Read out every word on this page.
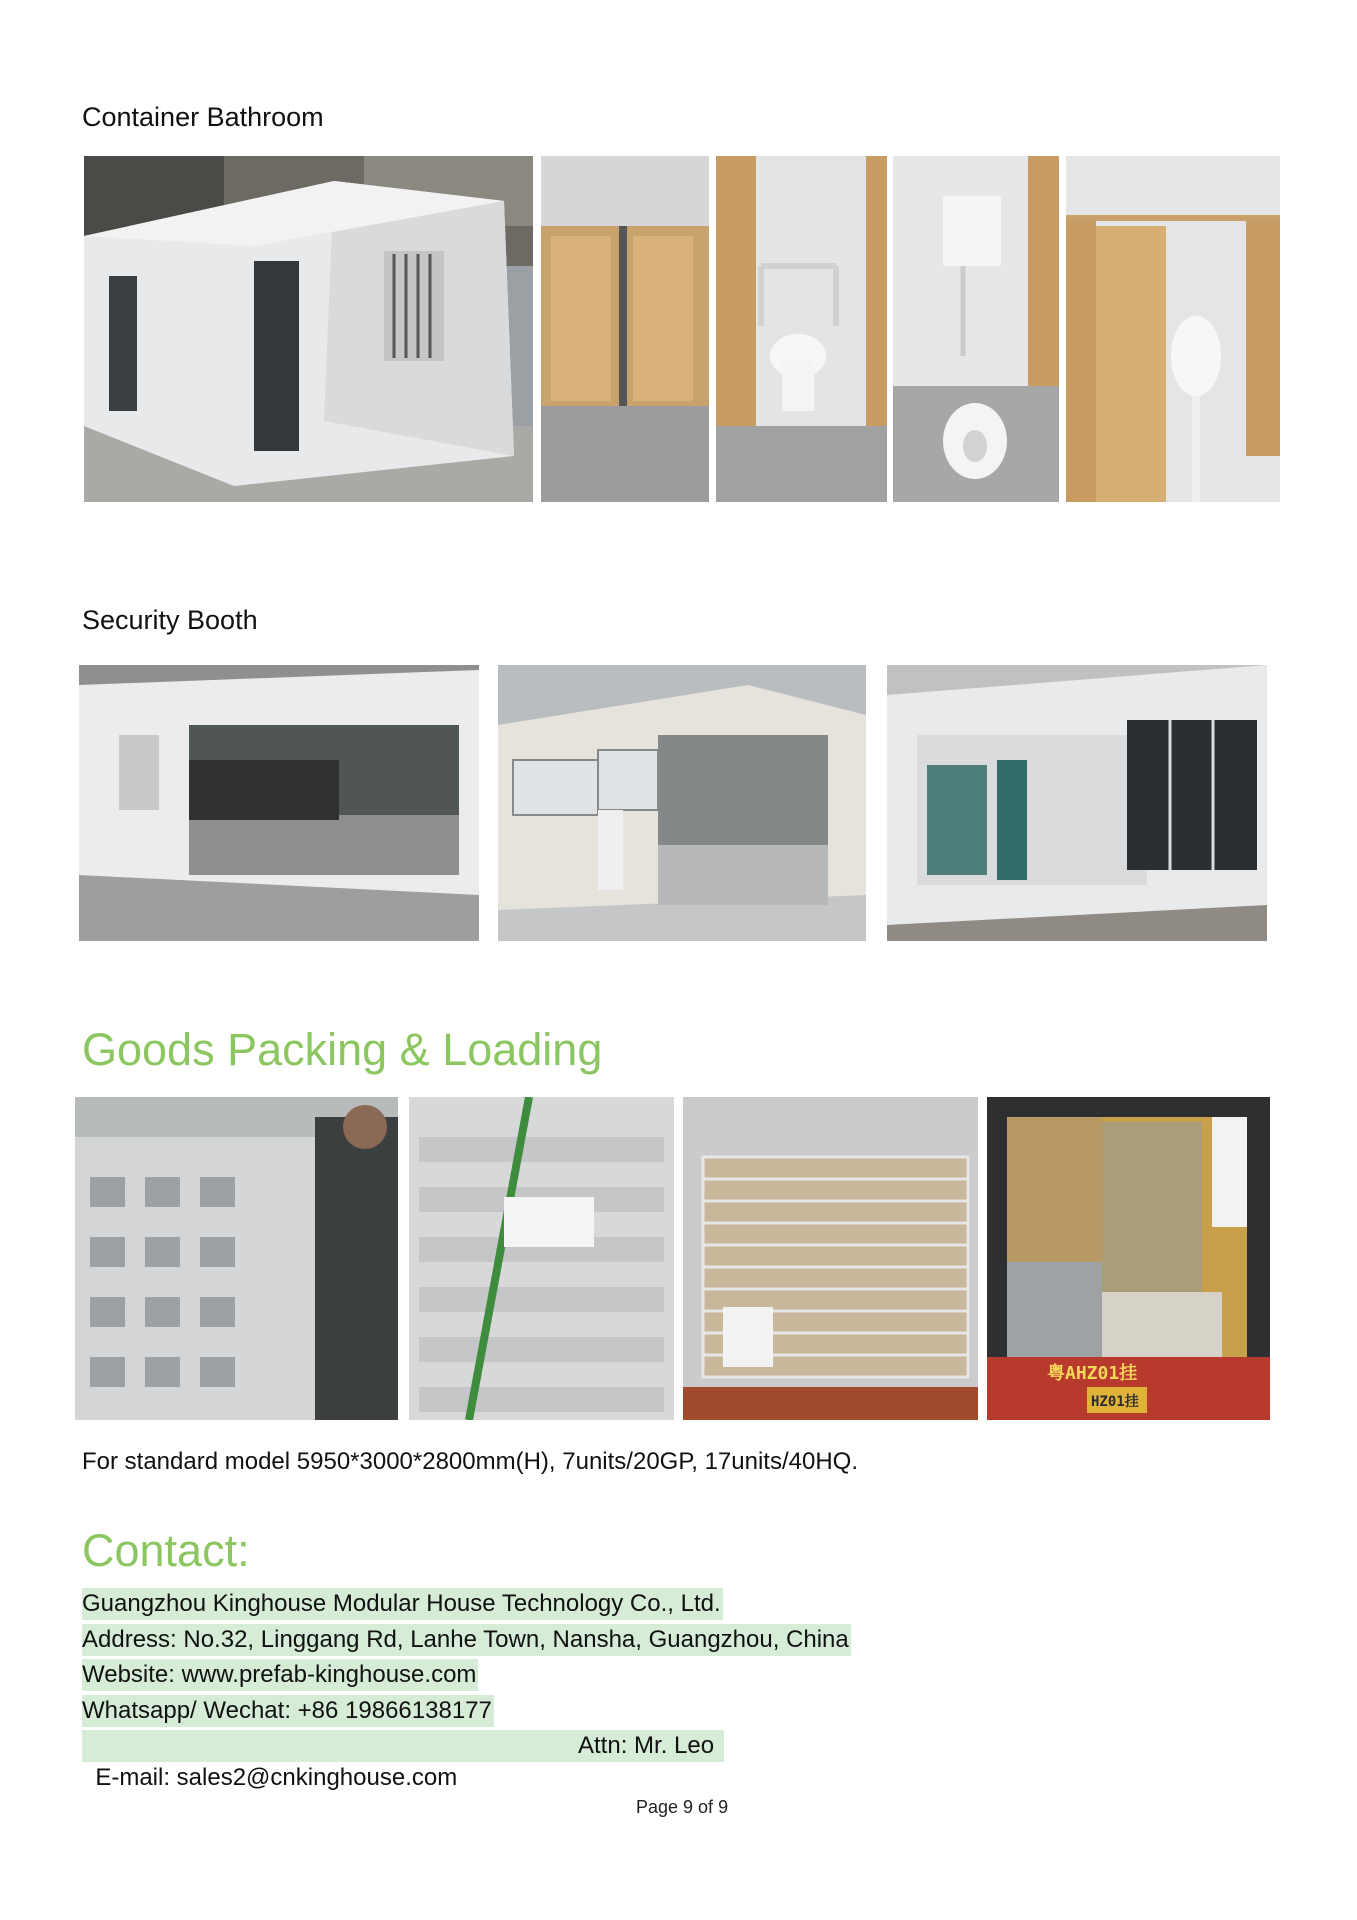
Container Bathroom
Security Booth
Goods Packing & Loading
粤AHZ01挂
HZ01挂
For standard model 5950*3000*2800mm(H), 7units/20GP, 17units/40HQ.
Contact:
Guangzhou Kinghouse Modular House Technology Co., Ltd.
Address: No.32, Linggang Rd, Lanhe Town, Nansha, Guangzhou, China
Website: www.prefab-kinghouse.com
Whatsapp/ Wechat: +86 19866138177

E-mail: sales2@cnkinghouse.com

Attn: Mr. Leo

Page 9 of 9
